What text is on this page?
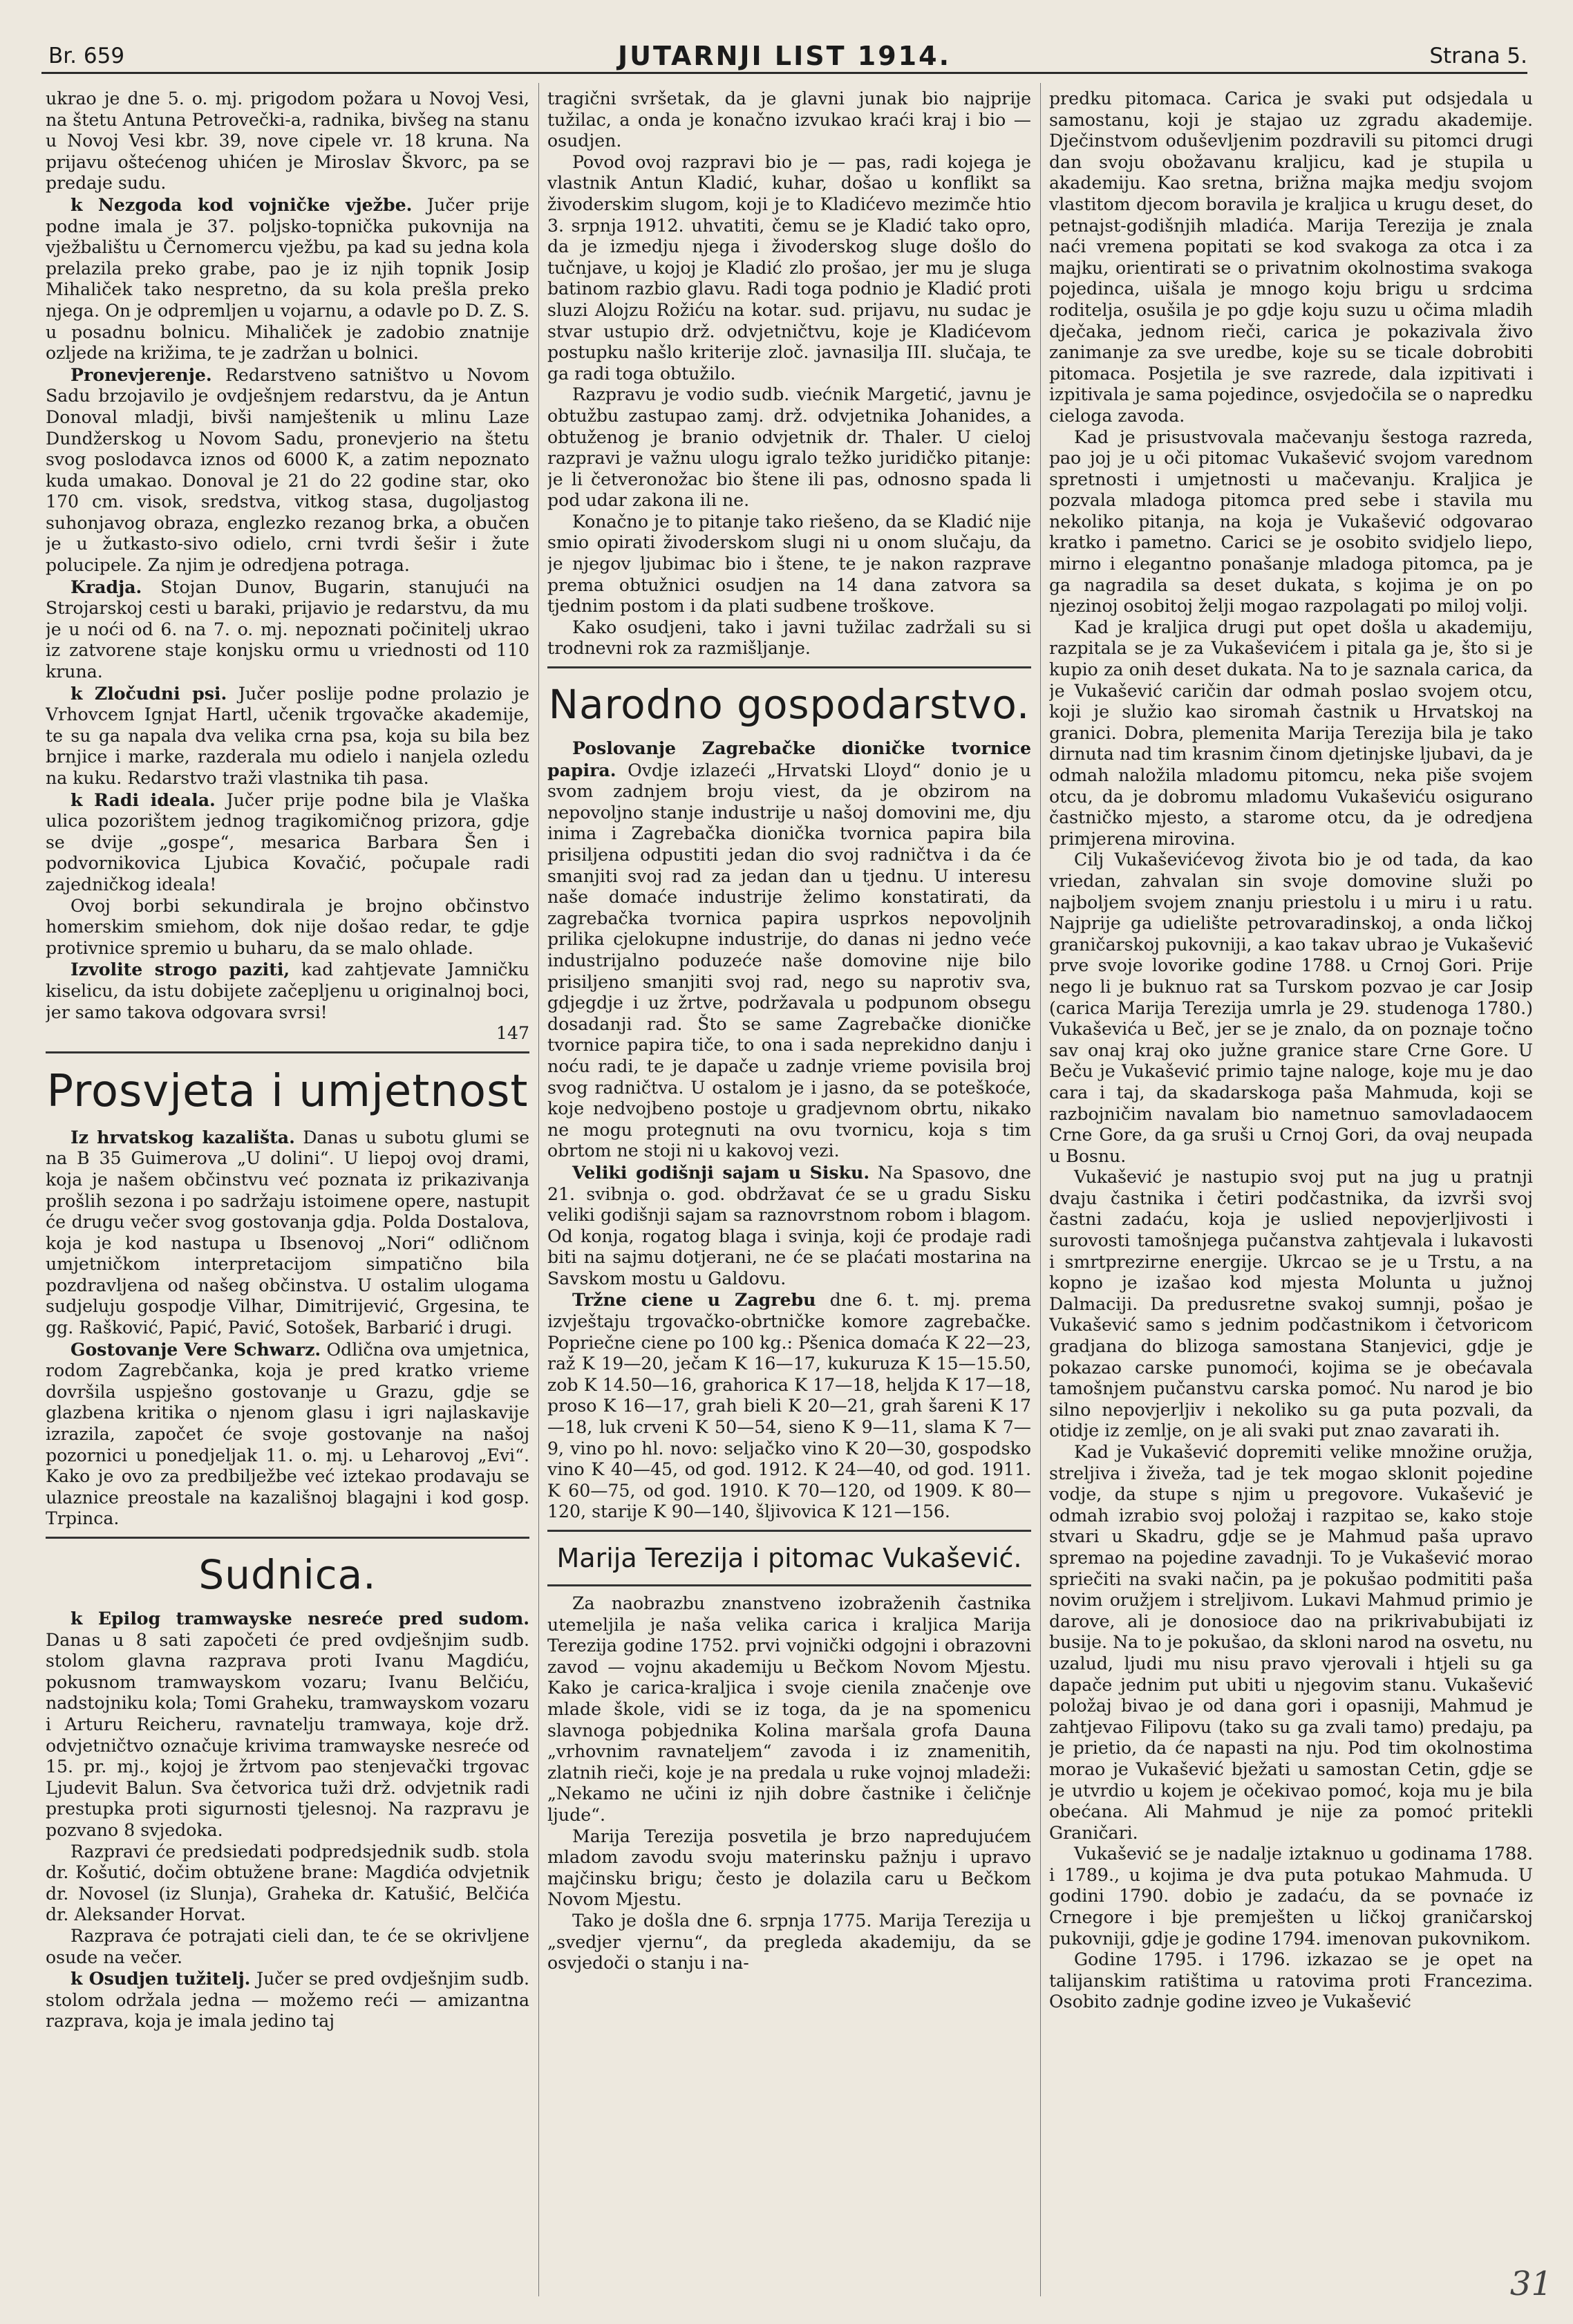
Br. 659	JUTARNJI LIST 1914.	Strana 5.

ukrao je dne 5. o. mj. prigodom požara u Novoj Vesi, na štetu Antuna Petrovečki-a, radnika, bivšeg na stanu u Novoj Vesi kbr. 39, nove cipele vr. 18 kruna. Na prijavu oštećenog uhićen je Miroslav Škvorc, pa se predaje sudu.

k Nezgoda kod vojničke vježbe. Jučer prije podne imala je 37. poljsko-topnička pukovnija na vježbalištu u Černomercu vježbu, pa kad su jedna kola prelazila preko grabe, pao je iz njih topnik Josip Mihaliček tako nespretno, da su kola prešla preko njega. On je odpremljen u vojarnu, a odavle po D. Z. S. u posadnu bolnicu. Mihaliček je zadobio znatnije ozljede na križima, te je zadržan u bolnici.

Pronevjerenje. Redarstveno satništvo u Novom Sadu brzojavilo je ovdješnjem redarstvu, da je Antun Donoval mladji, bivši namještenik u mlinu Laze Dundžerskog u Novom Sadu, pronevjerio na štetu svog poslodavca iznos od 6000 K, a zatim nepoznato kuda umakao. Donoval je 21 do 22 godine star, oko 170 cm. visok, sredstva, vitkog stasa, dugoljastog suhonjavog obraza, englezko rezanog brka, a obučen je u žutkasto-sivo odielo, crni tvrdi šešir i žute polucipele. Za njim je odredjena potraga.

Kradja. Stojan Dunov, Bugarin, stanujući na Strojarskoj cesti u baraki, prijavio je redarstvu, da mu je u noći od 6. na 7. o. mj. nepoznati počinitelj ukrao iz zatvorene staje konjsku ormu u vriednosti od 110 kruna.

k Zločudni psi. Jučer poslije podne prolazio je Vrhovcem Ignjat Hartl, učenik trgovačke akademije, te su ga napala dva velika crna psa, koja su bila bez brnjice i marke, razderala mu odielo i nanjela ozledu na kuku. Redarstvo traži vlastnika tih pasa.

k Radi ideala. Jučer prije podne bila je Vlaška ulica pozorištem jednog tragikomičnog prizora, gdje se dvije „gospe“, mesarica Barbara Šen i podvornikovica Ljubica Kovačić, počupale radi zajedničkog ideala!

Ovoj borbi sekundirala je brojno občinstvo homerskim smiehom, dok nije došao redar, te gdje protivnice spremio u buharu, da se malo ohlade.

Izvolite strogo paziti, kad zahtjevate Jamničku kiselicu, da istu dobijete začepljenu u originalnoj boci, jer samo takova odgovara svrsi!

147

Prosvjeta i umjetnost

Iz hrvatskog kazališta. Danas u subotu glumi se na B 35 Guimerova „U dolini“. U liepoj ovoj drami, koja je našem občinstvu već poznata iz prikazivanja prošlih sezona i po sadržaju istoimene opere, nastupit će drugu večer svog gostovanja gdja. Polda Dostalova, koja je kod nastupa u Ibsenovoj „Nori“ odličnom umjetničkom interpretacijom simpatično bila pozdravljena od našeg občinstva. U ostalim ulogama sudjeluju gospodje Vilhar, Dimitrijević, Grgesina, te gg. Rašković, Papić, Pavić, Sotošek, Barbarić i drugi.

Gostovanje Vere Schwarz. Odlična ova umjetnica, rodom Zagrebčanka, koja je pred kratko vrieme dovršila uspješno gostovanje u Grazu, gdje se glazbena kritika o njenom glasu i igri najlaskavije izrazila, započet će svoje gostovanje na našoj pozornici u ponedjeljak 11. o. mj. u Leharovoj „Evi“. Kako je ovo za predbilježbe već iztekao prodavaju se ulaznice preostale na kazališnoj blagajni i kod gosp. Trpinca.

Sudnica.

k Epilog tramwayske nesreće pred sudom. Danas u 8 sati započeti će pred ovdješnjim sudb. stolom glavna razprava proti Ivanu Magdiću, pokusnom tramwayskom vozaru; Ivanu Belčiću, nadstojniku kola; Tomi Graheku, tramwayskom vozaru i Arturu Reicheru, ravnatelju tramwaya, koje drž. odvjetničtvo označuje krivima tramwayske nesreće od 15. pr. mj., kojoj je žrtvom pao stenjevački trgovac Ljudevit Balun. Sva četvorica tuži drž. odvjetnik radi prestupka proti sigurnosti tjelesnoj. Na razpravu je pozvano 8 svjedoka.

Razpravi će predsiedati podpredsjednik sudb. stola dr. Košutić, dočim obtužene brane: Magdića odvjetnik dr. Novosel (iz Slunja), Graheka dr. Katušić, Belčića dr. Aleksander Horvat.

Razprava će potrajati cieli dan, te će se okrivljene osude na večer.

k Osudjen tužitelj. Jučer se pred ovdješnjim sudb. stolom održala jedna — možemo reći — amizantna razprava, koja je imala jedino taj

tragični svršetak, da je glavni junak bio najprije tužilac, a onda je konačno izvukao kraći kraj i bio — osudjen.

Povod ovoj razpravi bio je — pas, radi kojega je vlastnik Antun Kladić, kuhar, došao u konflikt sa živoderskim slugom, koji je to Kladićevo mezimče htio 3. srpnja 1912. uhvatiti, čemu se je Kladić tako opro, da je izmedju njega i živoderskog sluge došlo do tučnjave, u kojoj je Kladić zlo prošao, jer mu je sluga batinom razbio glavu. Radi toga podnio je Kladić proti sluzi Alojzu Rožiću na kotar. sud. prijavu, nu sudac je stvar ustupio drž. odvjetničtvu, koje je Kladićevom postupku našlo kriterije zloč. javnasilja III. slučaja, te ga radi toga obtužilo.

Razpravu je vodio sudb. viećnik Margetić, javnu je obtužbu zastupao zamj. drž. odvjetnika Johanides, a obtuženog je branio odvjetnik dr. Thaler. U cieloj razpravi je važnu ulogu igralo težko juridičko pitanje: je li četveronožac bio štene ili pas, odnosno spada li pod udar zakona ili ne.

Konačno je to pitanje tako riešeno, da se Kladić nije smio opirati živoderskom slugi ni u onom slučaju, da je njegov ljubimac bio i štene, te je nakon razprave prema obtužnici osudjen na 14 dana zatvora sa tjednim postom i da plati sudbene troškove.

Kako osudjeni, tako i javni tužilac zadržali su si trodnevni rok za razmišljanje.

Narodno gospodarstvo.

Poslovanje Zagrebačke dioničke tvornice papira. Ovdje izlazeći „Hrvatski Lloyd“ donio je u svom zadnjem broju viest, da je obzirom na nepovoljno stanje industrije u našoj domovini me, dju inima i Zagrebačka dionička tvornica papira bila prisiljena odpustiti jedan dio svoj radničtva i da će smanjiti svoj rad za jedan dan u tjednu. U interesu naše domaće industrije želimo konstatirati, da zagrebačka tvornica papira usprkos nepovoljnih prilika cjelokupne industrije, do danas ni jedno veće industrijalno poduzeće naše domovine nije bilo prisiljeno smanjiti svoj rad, nego su naprotiv sva, gdjegdje i uz žrtve, podržavala u podpunom obsegu dosadanji rad. Što se same Zagrebačke dioničke tvornice papira tiče, to ona i sada neprekidno danju i noću radi, te je dapače u zadnje vrieme povisila broj svog radničtva. U ostalom je i jasno, da se poteškoće, koje nedvojbeno postoje u gradjevnom obrtu, nikako ne mogu protegnuti na ovu tvornicu, koja s tim obrtom ne stoji ni u kakovoj vezi.

Veliki godišnji sajam u Sisku. Na Spasovo, dne 21. svibnja o. god. obdržavat će se u gradu Sisku veliki godišnji sajam sa raznovrstnom robom i blagom. Od konja, rogatog blaga i svinja, koji će prodaje radi biti na sajmu dotjerani, ne će se plaćati mostarina na Savskom mostu u Galdovu.

Tržne ciene u Zagrebu dne 6. t. mj. prema izvještaju trgovačko-obrtničke komore zagrebačke. Popriečne ciene po 100 kg.: Pšenica domaća K 22—23, raž K 19—20, ječam K 16—17, kukuruza K 15—15.50, zob K 14.50—16, grahorica K 17—18, heljda K 17—18, proso K 16—17, grah bieli K 20—21, grah šareni K 17—18, luk crveni K 50—54, sieno K 9—11, slama K 7—9, vino po hl. novo: seljačko vino K 20—30, gospodsko vino K 40—45, od god. 1912. K 24—40, od god. 1911. K 60—75, od god. 1910. K 70—120, od 1909. K 80—120, starije K 90—140, šljivovica K 121—156.

Marija Terezija i pitomac Vukašević.

Za naobrazbu znanstveno izobraženih častnika utemeljila je naša velika carica i kraljica Marija Terezija godine 1752. prvi vojnički odgojni i obrazovni zavod — vojnu akademiju u Bečkom Novom Mjestu. Kako je carica-kraljica i svoje cienila značenje ove mlade škole, vidi se iz toga, da je na spomenicu slavnoga pobjednika Kolina maršala grofa Dauna „vrhovnim ravnateljem“ zavoda i iz znamenitih, zlatnih rieči, koje je na predala u ruke vojnoj mladeži: „Nekamo ne učini iz njih dobre častnike i čeličnje ljude“.

Marija Terezija posvetila je brzo napredujućem mladom zavodu svoju materinsku pažnju i upravo majčinsku brigu; često je dolazila caru u Bečkom Novom Mjestu.

Tako je došla dne 6. srpnja 1775. Marija Terezija u „svedjer vjernu“, da pregleda akademiju, da se osvjedoči o stanju i na-

predku pitomaca. Carica je svaki put odsjedala u samostanu, koji je stajao uz zgradu akademije. Dječinstvom oduševljenim pozdravili su pitomci drugi dan svoju obožavanu kraljicu, kad je stupila u akademiju. Kao sretna, brižna majka medju svojom vlastitom djecom boravila je kraljica u krugu deset, do petnajst-godišnjih mladića. Marija Terezija je znala naći vremena popitati se kod svakoga za otca i za majku, orientirati se o privatnim okolnostima svakoga pojedinca, uišala je mnogo koju brigu u srdcima roditelja, osušila je po gdje koju suzu u očima mladih dječaka, jednom rieči, carica je pokazivala živo zanimanje za sve uredbe, koje su se ticale dobrobiti pitomaca. Posjetila je sve razrede, dala izpitivati i izpitivala je sama pojedince, osvjedočila se o napredku cieloga zavoda.

Kad je prisustvovala mačevanju šestoga razreda, pao joj je u oči pitomac Vukašević svojom varednom spretnosti i umjetnosti u mačevanju. Kraljica je pozvala mladoga pitomca pred sebe i stavila mu nekoliko pitanja, na koja je Vukašević odgovarao kratko i pametno. Carici se je osobito svidjelo liepo, mirno i elegantno ponašanje mladoga pitomca, pa je ga nagradila sa deset dukata, s kojima je on po njezinoj osobitoj želji mogao razpolagati po miloj volji.

Kad je kraljica drugi put opet došla u akademiju, razpitala se je za Vukaševićem i pitala ga je, što si je kupio za onih deset dukata. Na to je saznala carica, da je Vukašević caričin dar odmah poslao svojem otcu, koji je služio kao siromah častnik u Hrvatskoj na granici. Dobra, plemenita Marija Terezija bila je tako dirnuta nad tim krasnim činom djetinjske ljubavi, da je odmah naložila mladomu pitomcu, neka piše svojem otcu, da je dobromu mladomu Vukaševiću osigurano častničko mjesto, a starome otcu, da je odredjena primjerena mirovina.

Cilj Vukaševićevog života bio je od tada, da kao vriedan, zahvalan sin svoje domovine služi po najboljem svojem znanju priestolu i u miru i u ratu. Najprije ga udielište petrovaradinskoj, a onda ličkoj graničarskoj pukovniji, a kao takav ubrao je Vukašević prve svoje lovorike godine 1788. u Crnoj Gori. Prije nego li je buknuo rat sa Turskom pozvao je car Josip (carica Marija Terezija umrla je 29. studenoga 1780.) Vukaševića u Beč, jer se je znalo, da on poznaje točno sav onaj kraj oko južne granice stare Crne Gore. U Beču je Vukašević primio tajne naloge, koje mu je dao cara i taj, da skadarskoga paša Mahmuda, koji se razbojničim navalam bio nametnuo samovladaocem Crne Gore, da ga sruši u Crnoj Gori, da ovaj neupada u Bosnu.

Vukašević je nastupio svoj put na jug u pratnji dvaju častnika i četiri podčastnika, da izvrši svoj častni zadaću, koja je uslied nepovjerljivosti i surovosti tamošnjega pučanstva zahtjevala i lukavosti i smrtprezirne energije. Ukrcao se je u Trstu, a na kopno je izašao kod mjesta Molunta u južnoj Dalmaciji. Da predusretne svakoj sumnji, pošao je Vukašević samo s jednim podčastnikom i četvoricom gradjana do blizoga samostana Stanjevici, gdje je pokazao carske punomoći, kojima se je obećavala tamošnjem pučanstvu carska pomoć. Nu narod je bio silno nepovjerljiv i nekoliko su ga puta pozvali, da otidje iz zemlje, on je ali svaki put znao zavarati ih.

Kad je Vukašević dopremiti velike množine oružja, streljiva i živeža, tad je tek mogao sklonit pojedine vodje, da stupe s njim u pregovore. Vukašević je odmah izrabio svoj položaj i razpitao se, kako stoje stvari u Skadru, gdje se je Mahmud paša upravo spremao na pojedine zavadnji. To je Vukašević morao spriečiti na svaki način, pa je pokušao podmititi paša novim oružjem i streljivom. Lukavi Mahmud primio je darove, ali je donosioce dao na prikrivabubijati iz busije. Na to je pokušao, da skloni narod na osvetu, nu uzalud, ljudi mu nisu pravo vjerovali i htjeli su ga dapače jednim put ubiti u njegovim stanu. Vukašević položaj bivao je od dana gori i opasniji, Mahmud je zahtjevao Filipovu (tako su ga zvali tamo) predaju, pa je prietio, da će napasti na nju. Pod tim okolnostima morao je Vukašević bježati u samostan Cetin, gdje se je utvrdio u kojem je očekivao pomoć, koja mu je bila obećana. Ali Mahmud je nije za pomoć pritekli Graničari.

Vukašević se je nadalje iztaknuo u godinama 1788. i 1789., u kojima je dva puta potukao Mahmuda. U godini 1790. dobio je zadaću, da se povnaće iz Crnegore i bje premješten u ličkoj graničarskoj pukovniji, gdje je godine 1794. imenovan pukovnikom.

Godine 1795. i 1796. izkazao se je opet na talijanskim ratištima u ratovima proti Francezima. Osobito zadnje godine izveo je Vukašević

31
